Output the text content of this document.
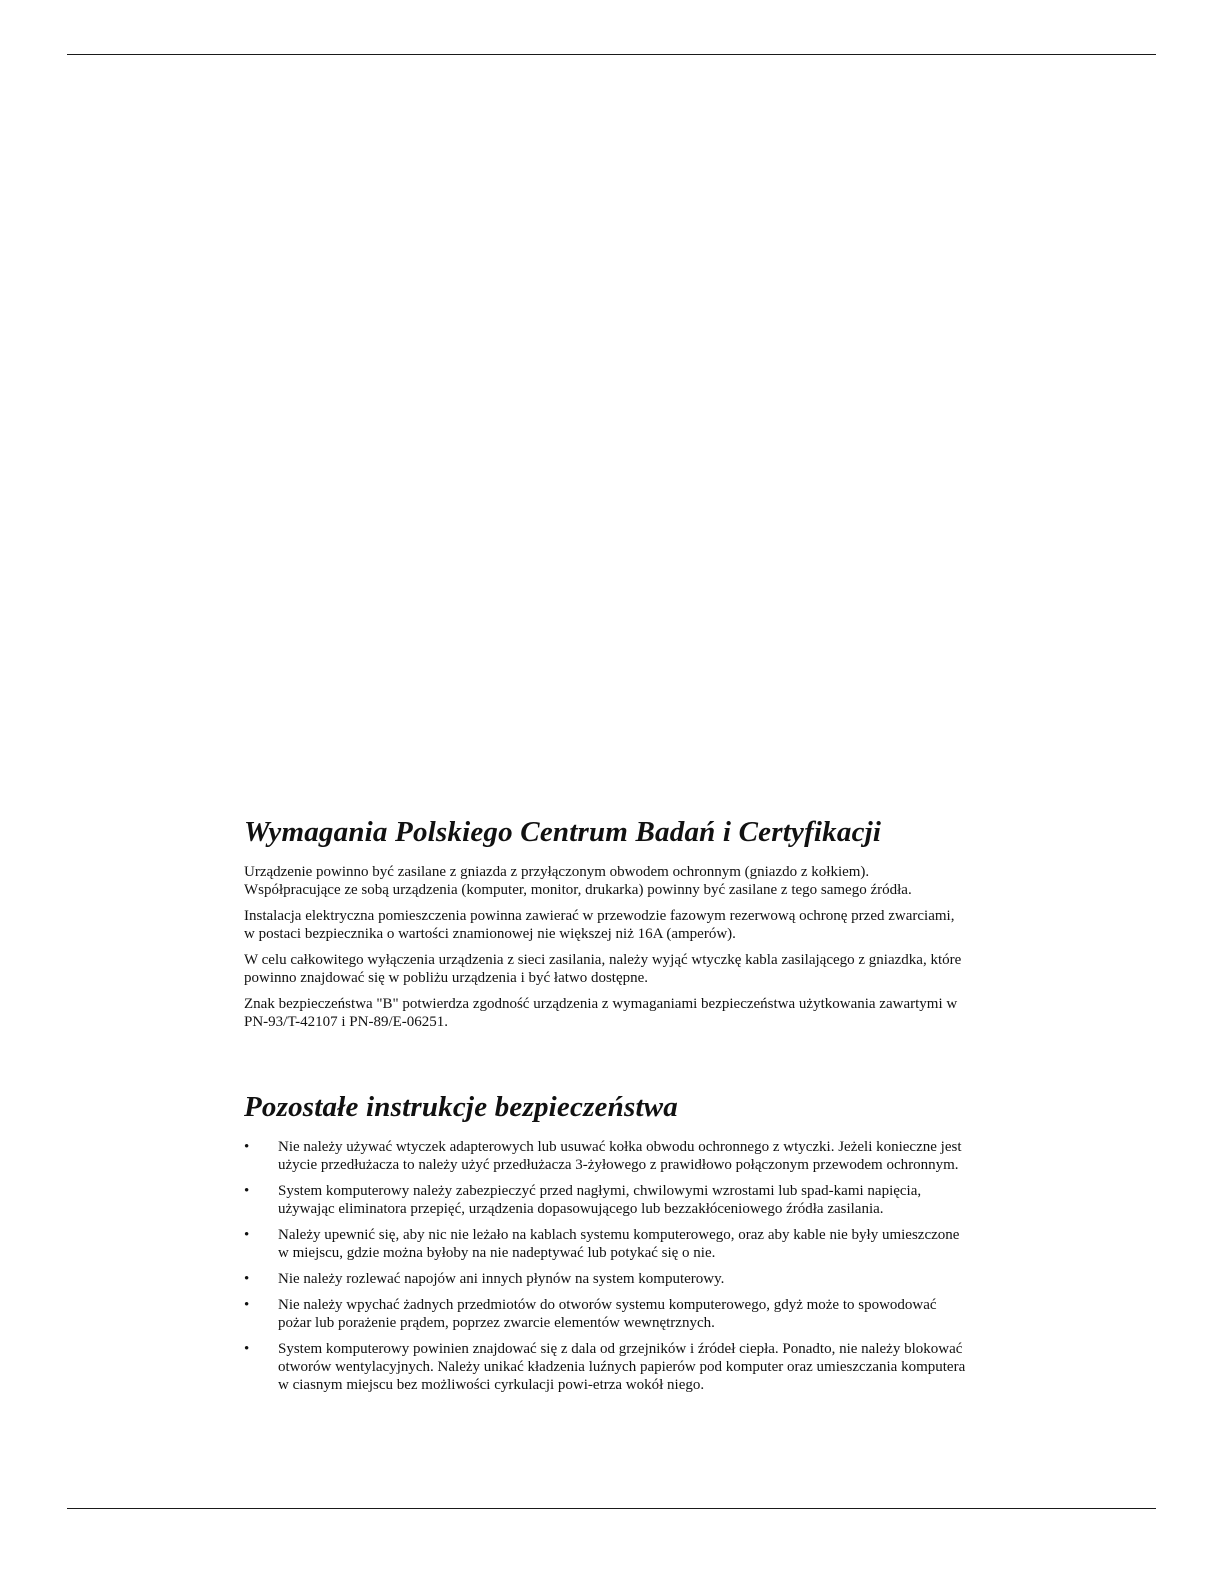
Wymagania Polskiego Centrum Badań i Certyfikacji

Urządzenie powinno być zasilane z gniazda z przyłączonym obwodem ochronnym (gniazdo z kołkiem). Współpracujące ze sobą urządzenia (komputer, monitor, drukarka) powinny być zasilane z tego samego źródła.

Instalacja elektryczna pomieszczenia powinna zawierać w przewodzie fazowym rezerwową ochronę przed zwarciami, w postaci bezpiecznika o wartości znamionowej nie większej niż 16A (amperów).

W celu całkowitego wyłączenia urządzenia z sieci zasilania, należy wyjąć wtyczkę kabla zasilającego z gniazdka, które powinno znajdować się w pobliżu urządzenia i być łatwo dostępne.

Znak bezpieczeństwa "B" potwierdza zgodność urządzenia z wymaganiami bezpieczeństwa użytkowania zawartymi w PN-93/T-42107 i PN-89/E-06251.

Pozostałe instrukcje bezpieczeństwa
• Nie należy używać wtyczek adapterowych lub usuwać kołka obwodu ochronnego z wtyczki. Jeżeli konieczne jest użycie przedłużacza to należy użyć przedłużacza 3-żyłowego z prawidłowo połączonym przewodem ochronnym.
• System komputerowy należy zabezpieczyć przed nagłymi, chwilowymi wzrostami lub spad-kami napięcia, używając eliminatora przepięć, urządzenia dopasowującego lub bezzakłóceniowego źródła zasilania.
• Należy upewnić się, aby nic nie leżało na kablach systemu komputerowego, oraz aby kable nie były umieszczone w miejscu, gdzie można byłoby na nie nadeptywać lub potykać się o nie.
• Nie należy rozlewać napojów ani innych płynów na system komputerowy.
• Nie należy wpychać żadnych przedmiotów do otworów systemu komputerowego, gdyż może to spowodować pożar lub porażenie prądem, poprzez zwarcie elementów wewnętrznych.
• System komputerowy powinien znajdować się z dala od grzejników i źródeł ciepła. Ponadto, nie należy blokować otworów wentylacyjnych. Należy unikać kładzenia luźnych papierów pod komputer oraz umieszczania komputera w ciasnym miejscu bez możliwości cyrkulacji powi-etrza wokół niego.
